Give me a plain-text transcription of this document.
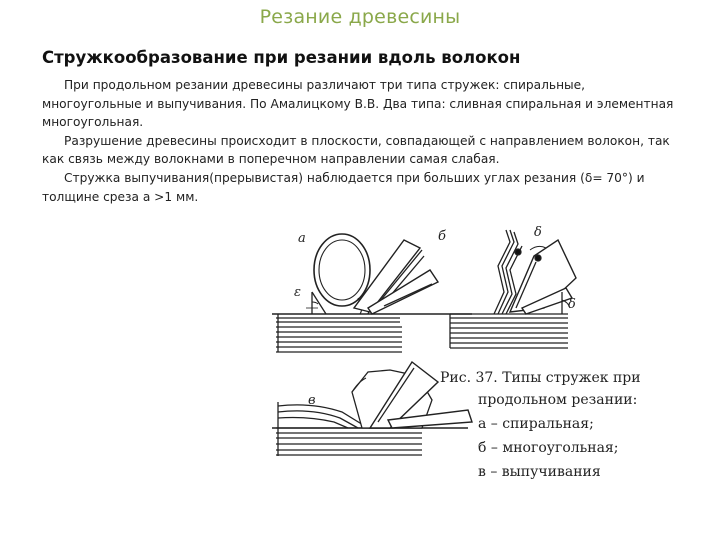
Резание древесины
Стружкообразование при резании вдоль волокон

При продольном резании древесины различают три типа стружек: спиральные, многоугольные и выпучивания. По Амалицкому В.В. Два типа: сливная спиральная и элементная многоугольная.

Разрушение древесины происходит в плоскости, совпадающей с направлением волокон, так как связь между волокнами в поперечном направлении самая слабая.

Стружка выпучивания(прерывистая) наблюдается при больших углах резания (δ= 70°) и толщине среза а >1 мм.

а
ε
б	δ
δ
в
Рис. 37. Типы стружек при
продольном резании:
а – спиральная;
б – многоугольная;
в – выпучивания
